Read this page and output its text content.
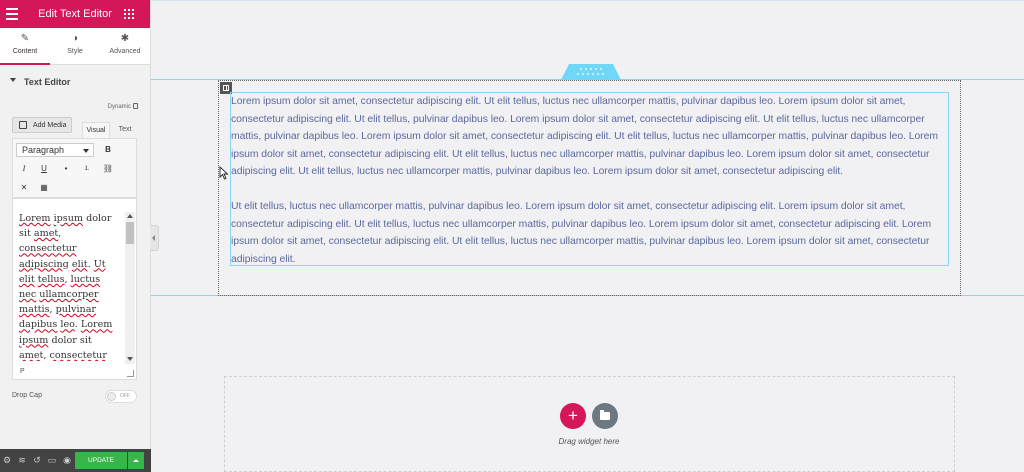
Edit Text Editor
✎
Content
◑
Style
✱
Advanced
Text Editor
Dynamic
Add Media
Visual	Text
Paragraph	B
I	U	•	1.	⛓
✕	▦
Lorem ipsum dolor sit amet, consectetur adipiscing elit. Ut elit tellus, luctus nec ullamcorper mattis, pulvinar dapibus leo. Lorem ipsum dolor sit amet, consectetur
P
Drop Cap	OFF
⚙ ≋ ↺ ▭ ◉	UPDATE

Lorem ipsum dolor sit amet, consectetur adipiscing elit. Ut elit tellus, luctus nec ullamcorper mattis, pulvinar dapibus leo. Lorem ipsum dolor sit amet, consectetur adipiscing elit. Ut elit tellus, pulvinar dapibus leo. Lorem ipsum dolor sit amet, consectetur adipiscing elit. Ut elit tellus, luctus nec ullamcorper mattis, pulvinar dapibus leo. Lorem ipsum dolor sit amet, consectetur adipiscing elit. Ut elit tellus, luctus nec ullamcorper mattis, pulvinar dapibus leo. Lorem ipsum dolor sit amet, consectetur adipiscing elit. Ut elit tellus, luctus nec ullamcorper mattis, pulvinar dapibus leo. Lorem ipsum dolor sit amet, consectetur adipiscing elit. Ut elit tellus, luctus nec ullamcorper mattis, pulvinar dapibus leo. Lorem ipsum dolor sit amet, consectetur adipiscing elit.

Ut elit tellus, luctus nec ullamcorper mattis, pulvinar dapibus leo. Lorem ipsum dolor sit amet, consectetur adipiscing elit. Lorem ipsum dolor sit amet, consectetur adipiscing elit. Ut elit tellus, luctus nec ullamcorper mattis, pulvinar dapibus leo. Lorem ipsum dolor sit amet, consectetur adipiscing elit. Lorem ipsum dolor sit amet, consectetur adipiscing elit. Ut elit tellus, luctus nec ullamcorper mattis, pulvinar dapibus leo. Lorem ipsum dolor sit amet, consectetur adipiscing elit.

+
Drag widget here
